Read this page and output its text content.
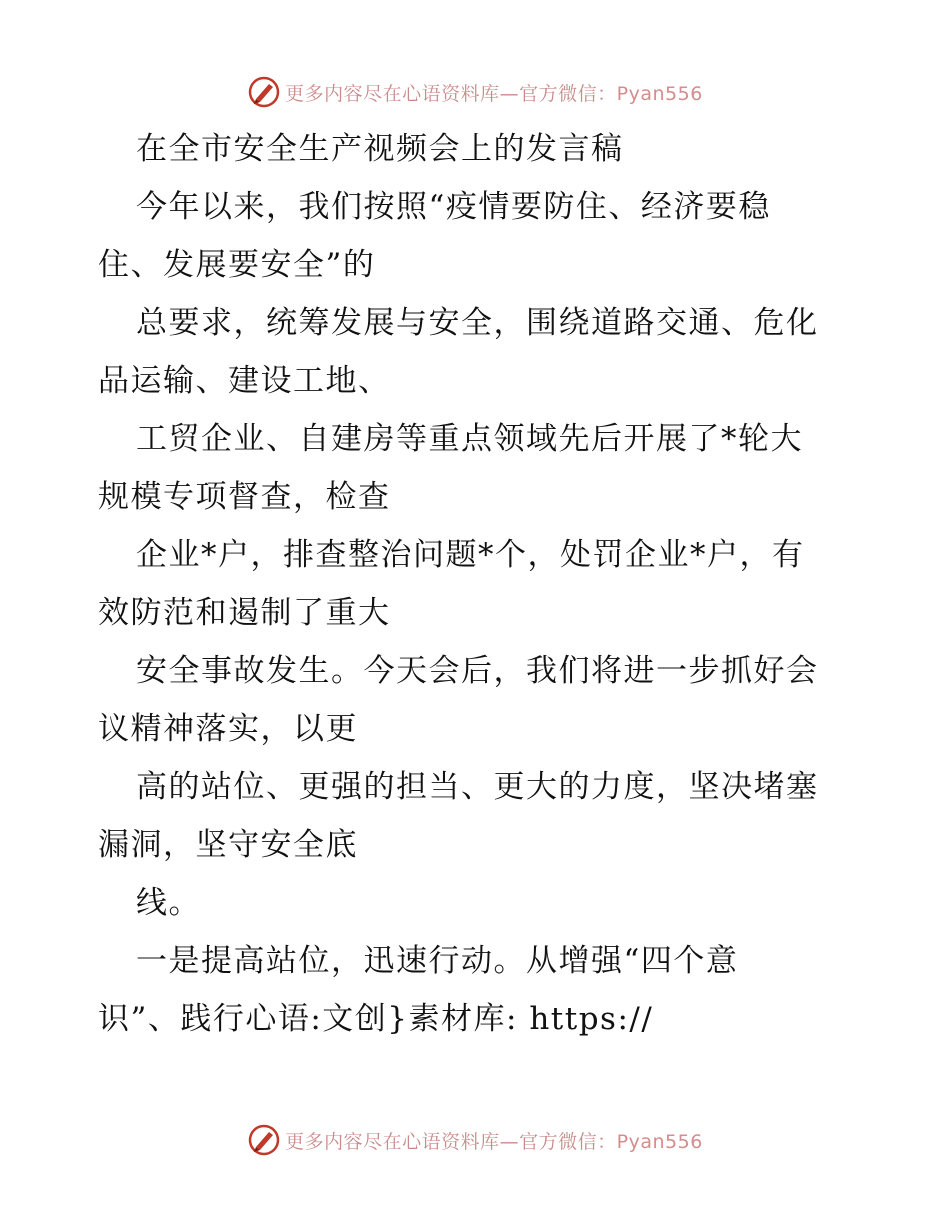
更多内容尽在心语资料库—官方微信：Pyan556
在全市安全生产视频会上的发言稿
今年以来，我们按照“疫情要防住、经济要稳
住、发展要安全”的
总要求，统筹发展与安全，围绕道路交通、危化
品运输、建设工地、
工贸企业、自建房等重点领域先后开展了*轮大
规模专项督查，检查
企业*户，排查整治问题*个，处罚企业*户，有
效防范和遏制了重大
安全事故发生。今天会后，我们将进一步抓好会
议精神落实，以更
高的站位、更强的担当、更大的力度，坚决堵塞
漏洞，坚守安全底
线。
一是提高站位，迅速行动。从增强“四个意
识”、践行心语:文创}素材库: https://
更多内容尽在心语资料库—官方微信：Pyan556
